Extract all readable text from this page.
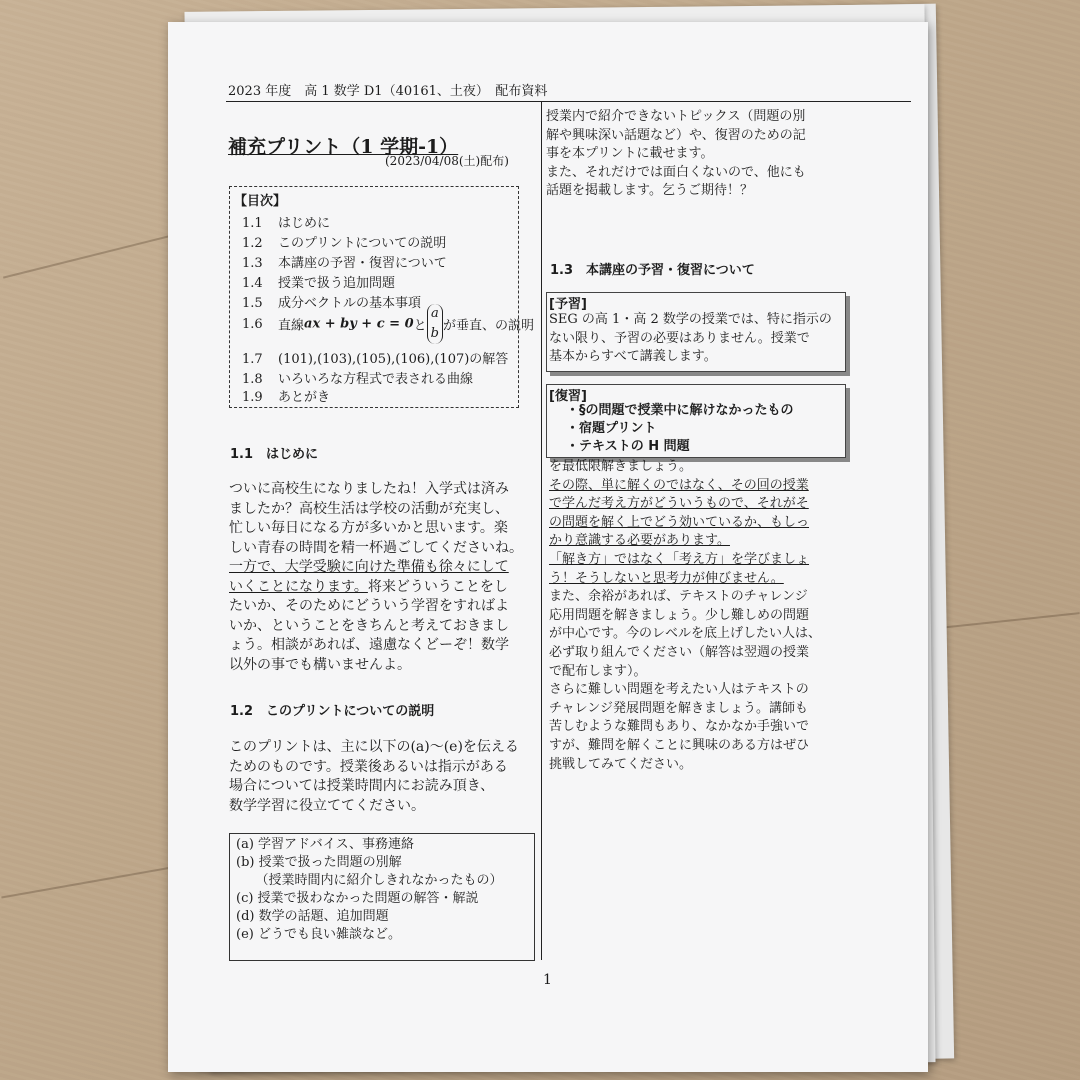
2023 年度　高 1 数学 D1（40161、土夜）　配布資料
補充プリント（1 学期-1）
(2023/04/08(土)配布)
【目次】
1.1 はじめに
1.2 このプリントについての説明
1.3 本講座の予習・復習について
1.4 授業で扱う追加問題
1.5 成分ベクトルの基本事項
1.6 直線ax + by + c = 0とa
b が垂直、の説明
1.7 (101),(103),(105),(106),(107)の解答
1.8 いろいろな方程式で表される曲線
1.9 あとがき
1.1　はじめに
ついに高校生になりましたね！入学式は済み
ましたか？高校生活は学校の活動が充実し、
忙しい毎日になる方が多いかと思います。楽
しい青春の時間を精一杯過ごしてくださいね。
一方で、大学受験に向けた準備も徐々にして
いくことになります。将来どういうことをし
たいか、そのためにどういう学習をすればよ
いか、ということをきちんと考えておきまし
ょう。相談があれば、遠慮なくどーぞ！数学
以外の事でも構いませんよ。
1.2　このプリントについての説明
このプリントは、主に以下の(a)〜(e)を伝える
ためのものです。授業後あるいは指示がある
場合については授業時間内にお読み頂き、
数学学習に役立ててください。
(a) 学習アドバイス、事務連絡
(b) 授業で扱った問題の別解
　　（授業時間内に紹介しきれなかったもの）
(c) 授業で扱わなかった問題の解答・解説
(d) 数学の話題、追加問題
(e) どうでも良い雑談など。
授業内で紹介できないトピックス（問題の別
解や興味深い話題など）や、復習のための記
事を本プリントに載せます。
また、それだけでは面白くないので、他にも
話題を掲載します。乞うご期待！？
1.3　本講座の予習・復習について
[予習]
SEG の高 1・高 2 数学の授業では、特に指示の
ない限り、予習の必要はありません。授業で
基本からすべて講義します。
[復習]
・§の問題で授業中に解けなかったもの
・宿題プリント
・テキストの H 問題
を最低限解きましょう。
その際、単に解くのではなく、その回の授業
で学んだ考え方がどういうもので、それがそ
の問題を解く上でどう効いているか、もしっ
かり意識する必要があります。
「解き方」ではなく「考え方」を学びましょ
う！そうしないと思考力が伸びません。
また、余裕があれば、テキストのチャレンジ
応用問題を解きましょう。少し難しめの問題
が中心です。今のレベルを底上げしたい人は、
必ず取り組んでください（解答は翌週の授業
で配布します）。
さらに難しい問題を考えたい人はテキストの
チャレンジ発展問題を解きましょう。講師も
苦しむような難問もあり、なかなか手強いで
すが、難問を解くことに興味のある方はぜひ
挑戦してみてください。
1
